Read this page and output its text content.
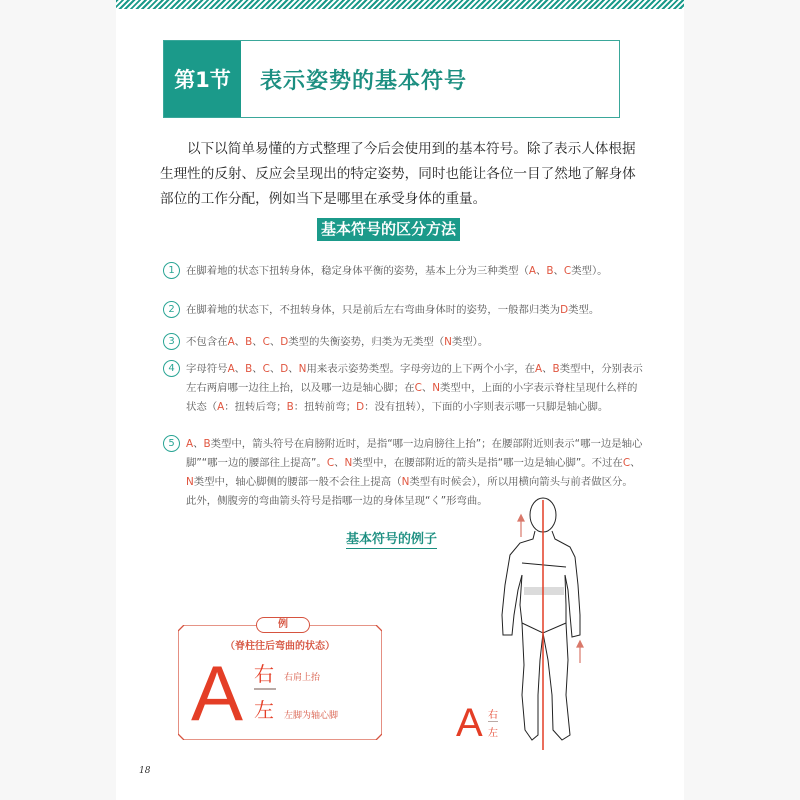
第1节	表示姿势的基本符号

以下以简单易懂的方式整理了今后会使用到的基本符号。除了表示人体根据生理性的反射、反应会呈现出的特定姿势，同时也能让各位一目了然地了解身体部位的工作分配，例如当下是哪里在承受身体的重量。

基本符号的区分方法
1	在脚着地的状态下扭转身体，稳定身体平衡的姿势，基本上分为三种类型（A、B、C类型）。
2	在脚着地的状态下，不扭转身体，只是前后左右弯曲身体时的姿势，一般都归类为D类型。
3	不包含在A、B、C、D类型的失衡姿势，归类为无类型（N类型）。
4	字母符号A、B、C、D、N用来表示姿势类型。字母旁边的上下两个小字，在A、B类型中，分别表示左右两肩哪一边往上抬，以及哪一边是轴心脚；在C、N类型中，上面的小字表示脊柱呈现什么样的状态（A：扭转后弯；B：扭转前弯；D：没有扭转），下面的小字则表示哪一只脚是轴心脚。
5	A、B类型中，箭头符号在肩膀附近时，是指“哪一边肩膀往上抬”；在腰部附近则表示“哪一边是轴心脚”“哪一边的腰部往上提高”。C、N类型中，在腰部附近的箭头是指“哪一边是轴心脚”。不过在C、N类型中，轴心脚侧的腰部一般不会往上提高（N类型有时候会），所以用横向箭头与前者做区分。此外，侧腹旁的弯曲箭头符号是指哪一边的身体呈现“く”形弯曲。
基本符号的例子
例
（脊柱往后弯曲的状态）
A 右
左
右肩上抬
左脚为轴心脚	A 右
左
18
